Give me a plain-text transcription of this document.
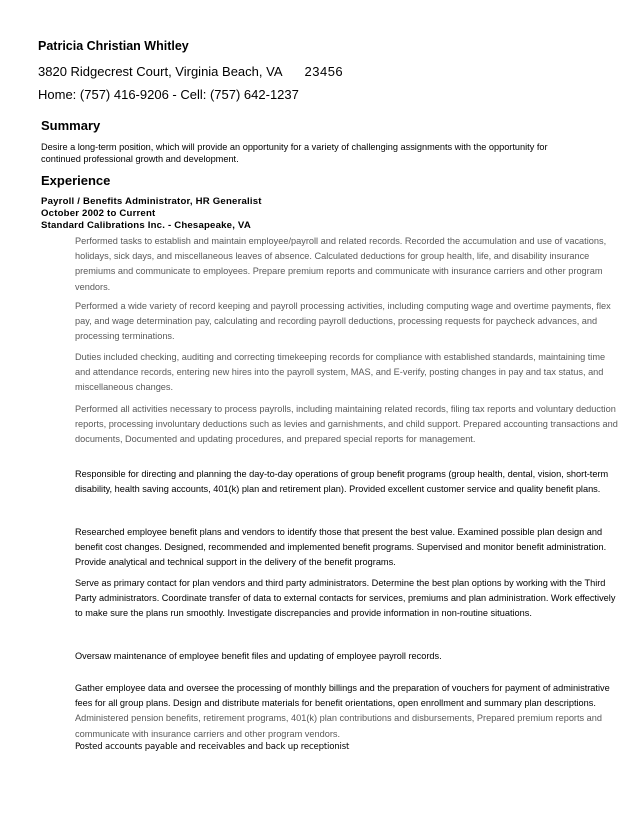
Patricia Christian Whitley
3820 Ridgecrest Court, Virginia Beach, VA 23456
Home: (757) 416-9206 - Cell: (757) 642-1237
Summary
Desire a long-term position, which will provide an opportunity for a variety of challenging assignments with the opportunity for continued professional growth and development.
Experience
Payroll / Benefits Administrator, HR Generalist
October 2002 to Current
Standard Calibrations Inc. - Chesapeake, VA
Performed tasks to establish and maintain employee/payroll and related records. Recorded the accumulation and use of vacations, holidays, sick days, and miscellaneous leaves of absence. Calculated deductions for group health, life, and disability insurance premiums and communicate to employees. Prepare premium reports and communicate with insurance carriers and other program vendors.
Performed a wide variety of record keeping and payroll processing activities, including computing wage and overtime payments, flex pay, and wage determination pay, calculating and recording payroll deductions, processing requests for paycheck advances, and processing terminations.
Duties included checking, auditing and correcting timekeeping records for compliance with established standards, maintaining time and attendance records, entering new hires into the payroll system, MAS, and E-verify, posting changes in pay and tax status, and miscellaneous changes.
Performed all activities necessary to process payrolls, including maintaining related records, filing tax reports and voluntary deduction reports, processing involuntary deductions such as levies and garnishments, and child support. Prepared accounting transactions and documents, Documented and updating procedures, and prepared special reports for management.
Responsible for directing and planning the day-to-day operations of group benefit programs (group health, dental, vision, short-term disability, health saving accounts, 401(k) plan and retirement plan). Provided excellent customer service and quality benefit plans.
Researched employee benefit plans and vendors to identify those that present the best value. Examined possible plan design and benefit cost changes. Designed, recommended and implemented benefit programs. Supervised and monitor benefit administration. Provide analytical and technical support in the delivery of the benefit programs.
Serve as primary contact for plan vendors and third party administrators. Determine the best plan options by working with the Third Party administrators. Coordinate transfer of data to external contacts for services, premiums and plan administration. Work effectively to make sure the plans run smoothly. Investigate discrepancies and provide information in non-routine situations.
Oversaw maintenance of employee benefit files and updating of employee payroll records.
Gather employee data and oversee the processing of monthly billings and the preparation of vouchers for payment of administrative fees for all group plans. Design and distribute materials for benefit orientations, open enrollment and summary plan descriptions. Administered pension benefits, retirement programs, 401(k) plan contributions and disbursements, Prepared premium reports and communicate with insurance carriers and other program vendors.
Posted accounts payable and receivables and back up receptionist
